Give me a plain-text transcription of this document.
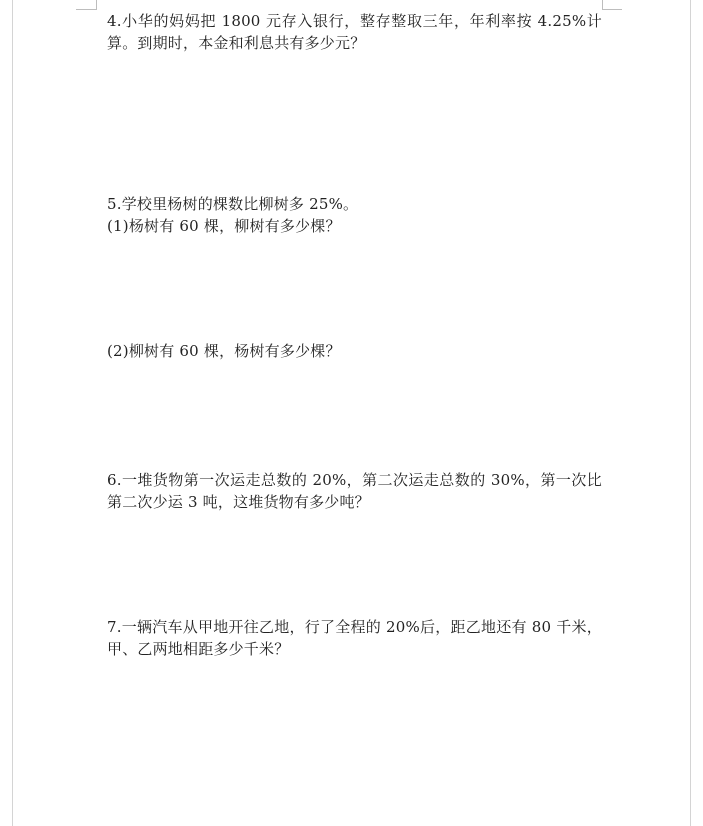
4.小华的妈妈把 1800 元存入银行，整存整取三年，年利率按 4.25%计
算。到期时，本金和利息共有多少元？
5.学校里杨树的棵数比柳树多 25%。
(1)杨树有 60 棵，柳树有多少棵？
(2)柳树有 60 棵，杨树有多少棵？
6.一堆货物第一次运走总数的 20%，第二次运走总数的 30%，第一次比
第二次少运 3 吨，这堆货物有多少吨？
7.一辆汽车从甲地开往乙地，行了全程的 20%后，距乙地还有 80 千米，
甲、乙两地相距多少千米？
